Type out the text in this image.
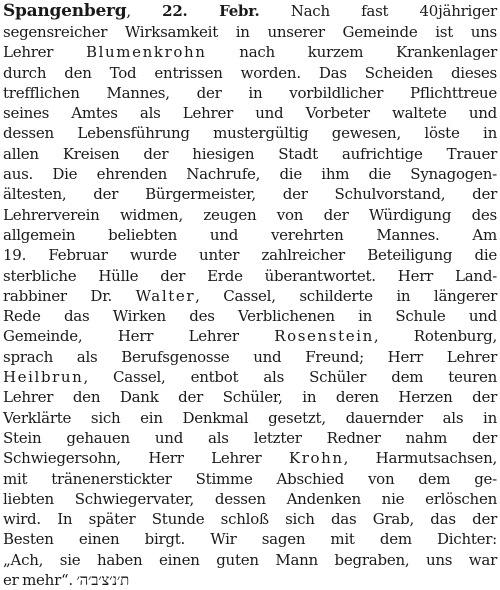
Spangenberg, 22. Febr. Nach fast 40jähriger
segensreicher Wirksamkeit in unserer Gemeinde ist uns
Lehrer Blumenkrohn nach kurzem Krankenlager
durch den Tod entrissen worden. Das Scheiden dieses
trefflichen Mannes, der in vorbildlicher Pflichttreue
seines Amtes als Lehrer und Vorbeter waltete und
dessen Lebensführung mustergültig gewesen, löste in
allen Kreisen der hiesigen Stadt aufrichtige Trauer
aus. Die ehrenden Nachrufe, die ihm die Synagogen-
ältesten, der Bürgermeister, der Schulvorstand, der
Lehrerverein widmen, zeugen von der Würdigung des
allgemein beliebten und verehrten Mannes. Am
19. Februar wurde unter zahlreicher Beteiligung die
sterbliche Hülle der Erde überantwortet. Herr Land-
rabbiner Dr. Walter, Cassel, schilderte in längerer
Rede das Wirken des Verblichenen in Schule und
Gemeinde, Herr Lehrer Rosenstein, Rotenburg,
sprach als Berufsgenosse und Freund; Herr Lehrer
Heilbrun, Cassel, entbot als Schüler dem teuren
Lehrer den Dank der Schüler, in deren Herzen der
Verklärte sich ein Denkmal gesetzt, dauernder als in
Stein gehauen und als letzter Redner nahm der
Schwiegersohn, Herr Lehrer Krohn, Harmutsachsen,
mit tränenerstickter Stimme Abschied von dem ge-
liebten Schwiegervater, dessen Andenken nie erlöschen
wird. In später Stunde schloß sich das Grab, das der
Besten einen birgt. Wir sagen mit dem Dichter:
„Ach, sie haben einen guten Mann begraben, uns war
er mehr“. ת׳נ׳צ׳ב׳ה׳
